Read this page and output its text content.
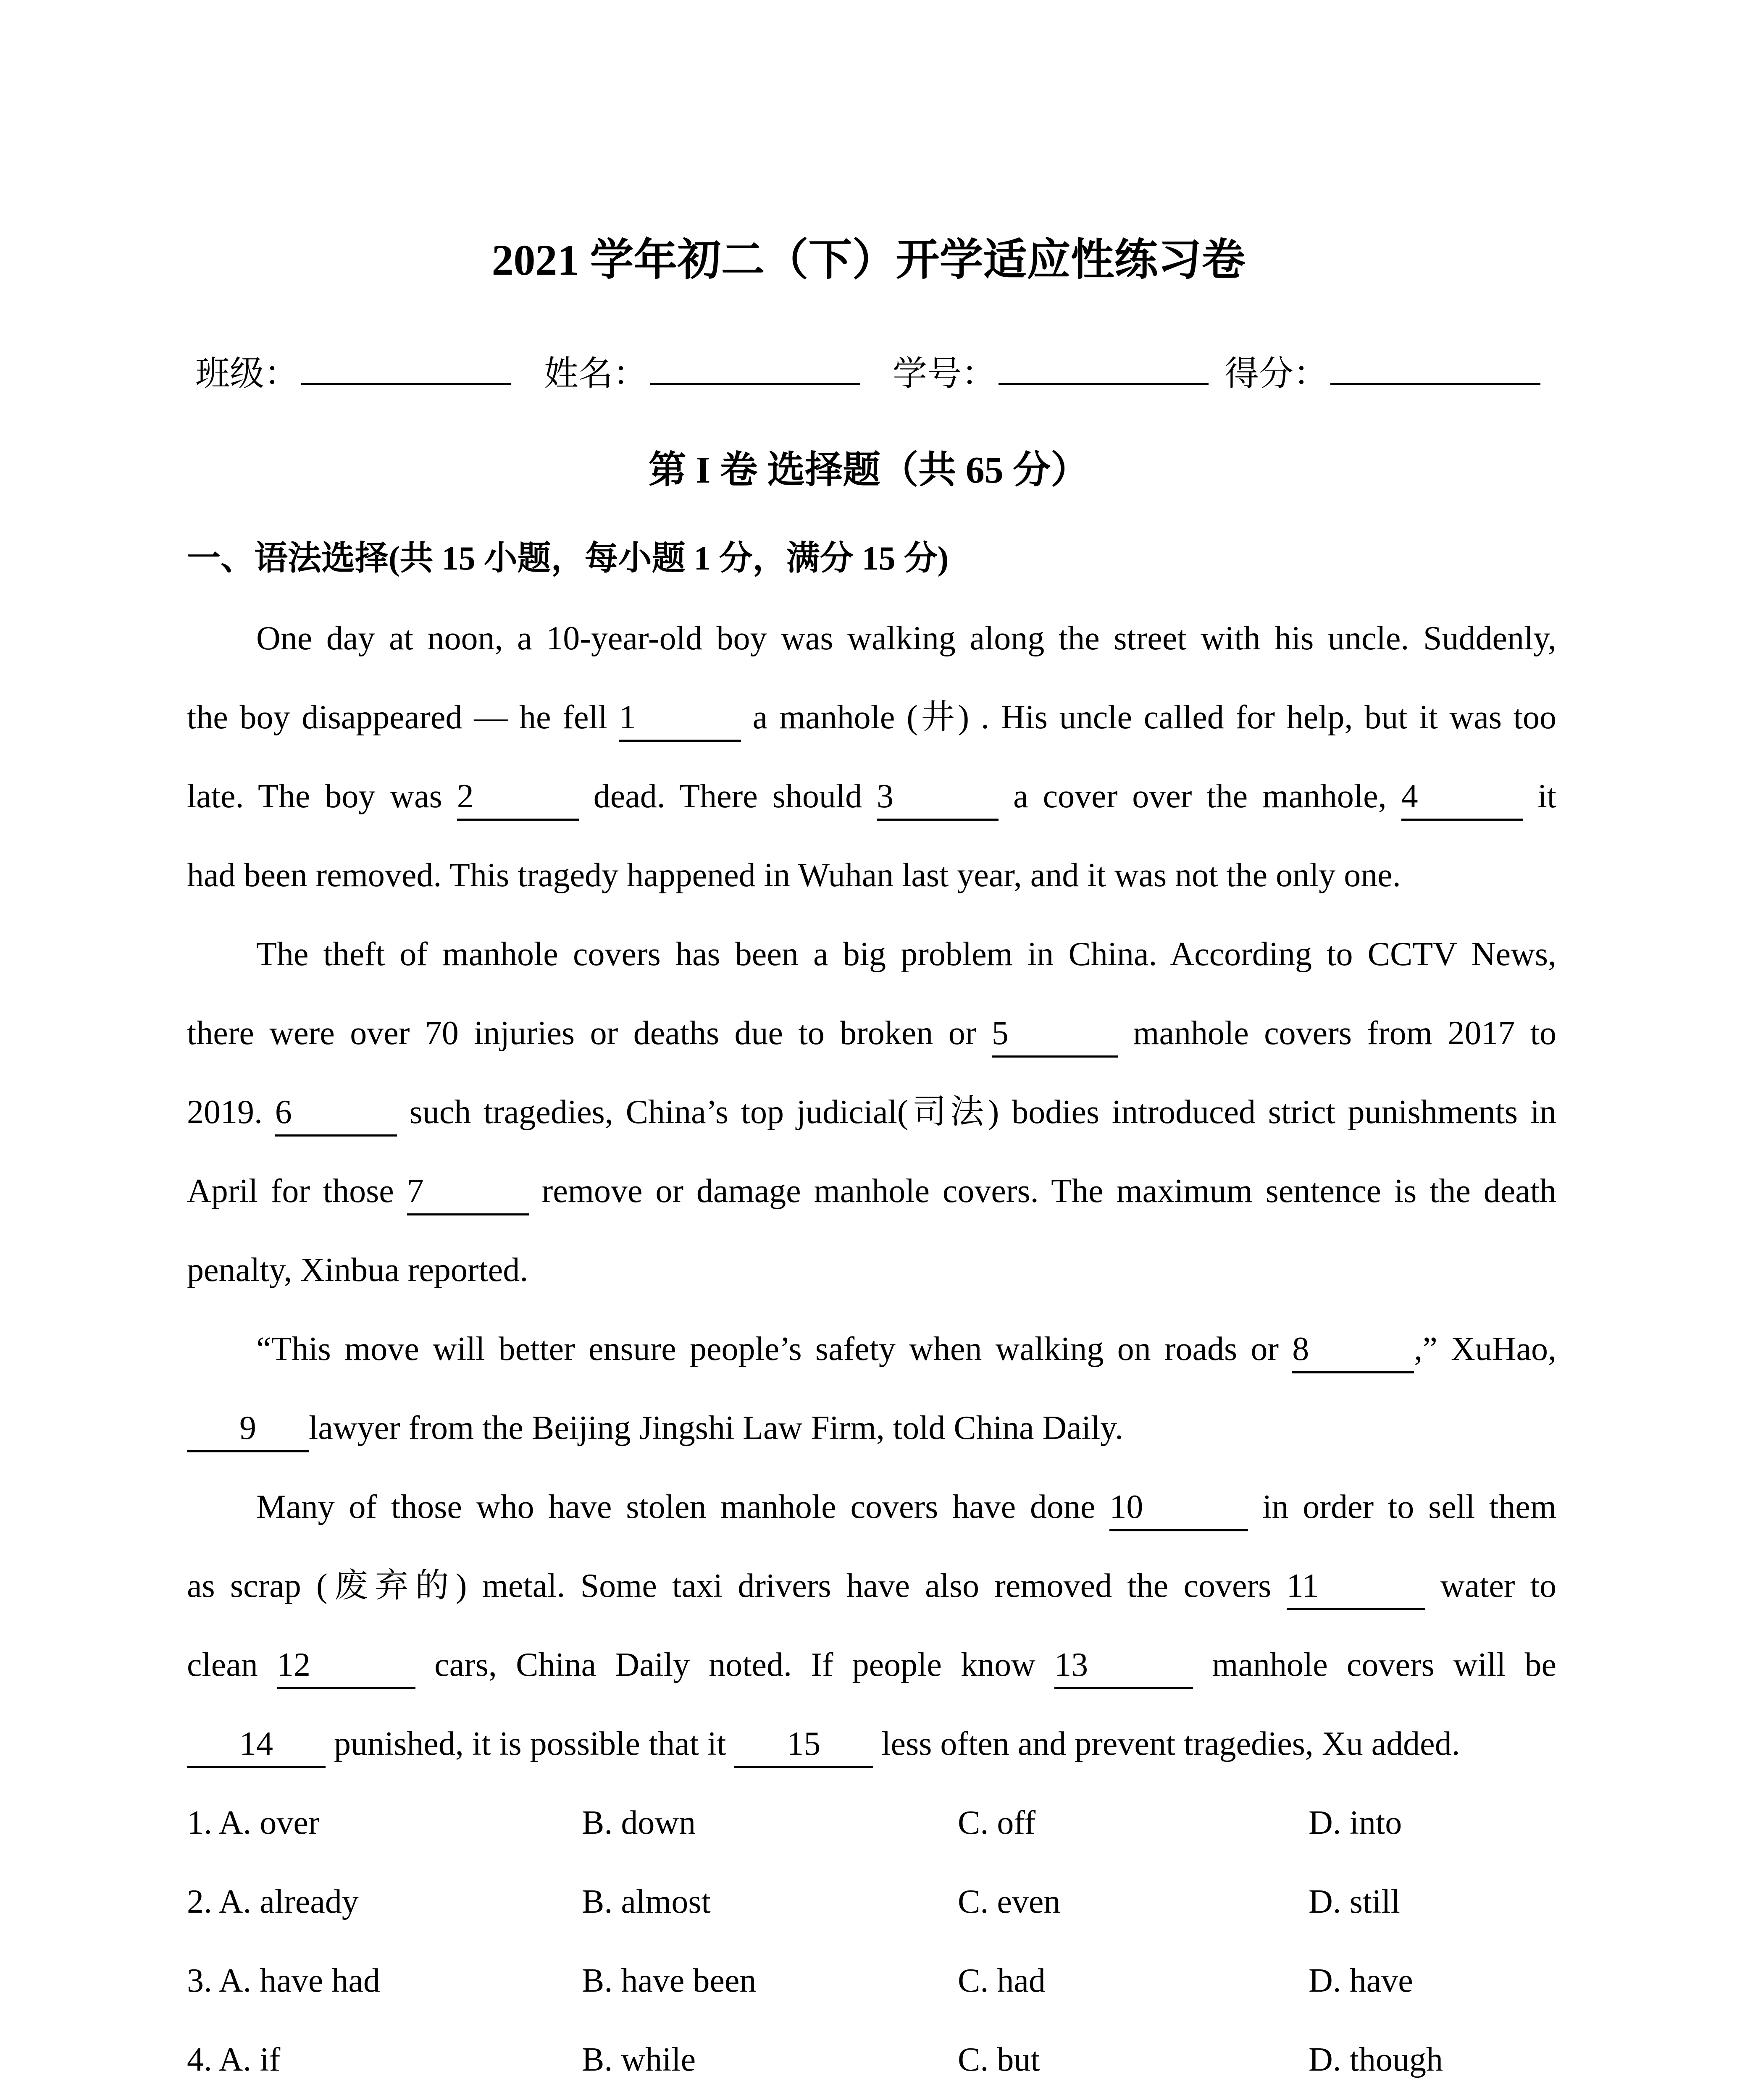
2021 学年初二（下）开学适应性练习卷
班级：	姓名：	学号：	得分：
第 I 卷 选择题（共 65 分）
一、语法选择(共 15 小题，每小题 1 分，满分 15 分)
One day at noon, a 10-year-old boy was walking along the street with his uncle. Suddenly,
the boy disappeared — he fell 1	a manhole (井) . His uncle called for help, but it was too
late. The boy was 2	dead. There should 3	a cover over the manhole, 4	it
had been removed. This tragedy happened in Wuhan last year, and it was not the only one.
The theft of manhole covers has been a big problem in China. According to CCTV News,
there were over 70 injuries or deaths due to broken or 5	manhole covers from 2017 to
2019. 6	such tragedies, China’s top judicial(司法) bodies introduced strict punishments in
April for those 7	remove or damage manhole covers. The maximum sentence is the death
penalty, Xinbua reported.
“This move will better ensure people’s safety when walking on roads or 8	,” XuHao,
9 lawyer from the Beijing Jingshi Law Firm, told China Daily.
Many of those who have stolen manhole covers have done 10	in order to sell them
as scrap (废弃的) metal. Some taxi drivers have also removed the covers 11	water to
clean 12	cars, China Daily noted. If people know 13	manhole covers will be
14 punished, it is possible that it 15 less often and prevent tragedies, Xu added.
1. A. over	B. down	C. off	D. into
2. A. already	B. almost	C. even	D. still
3. A. have had	B. have been	C. had	D. have
4. A. if	B. while	C. but	D. though
